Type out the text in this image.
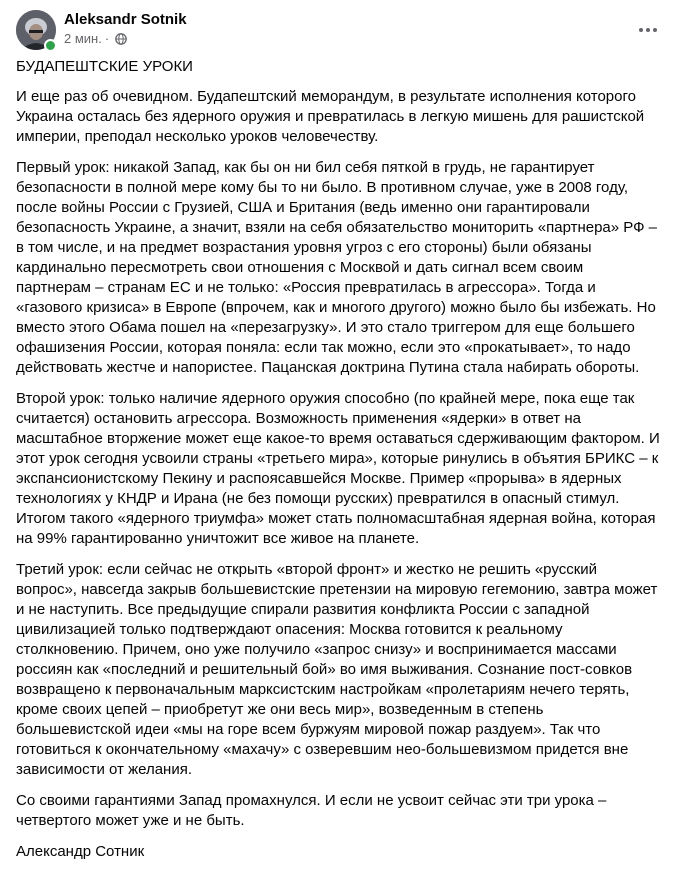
Aleksandr Sotnik
2 мин. ·

БУДАПЕШТСКИЕ УРОКИ

И еще раз об очевидном. Будапештский меморандум, в результате исполнения которого Украина осталась без ядерного оружия и превратилась в легкую мишень для рашистской империи, преподал несколько уроков человечеству.

Первый урок: никакой Запад, как бы он ни бил себя пяткой в грудь, не гарантирует безопасности в полной мере кому бы то ни было. В противном случае, уже в 2008 году, после войны России с Грузией, США и Британия (ведь именно они гарантировали безопасность Украине, а значит, взяли на себя обязательство мониторить «партнера» РФ – в том числе, и на предмет возрастания уровня угроз с его стороны) были обязаны кардинально пересмотреть свои отношения с Москвой и дать сигнал всем своим партнерам – странам ЕС и не только: «Россия превратилась в агрессора». Тогда и «газового кризиса» в Европе (впрочем, как и многого другого) можно было бы избежать. Но вместо этого Обама пошел на «перезагрузку». И это стало триггером для еще большего офашизения России, которая поняла: если так можно, если это «прокатывает», то надо действовать жестче и напористее. Пацанская доктрина Путина стала набирать обороты.

Второй урок: только наличие ядерного оружия способно (по крайней мере, пока еще так считается) остановить агрессора. Возможность применения «ядерки» в ответ на масштабное вторжение может еще какое-то время оставаться сдерживающим фактором. И этот урок сегодня усвоили страны «третьего мира», которые ринулись в объятия БРИКС – к экспансионистскому Пекину и распоясавшейся Москве. Пример «прорыва» в ядерных технологиях у КНДР и Ирана (не без помощи русских) превратился в опасный стимул. Итогом такого «ядерного триумфа» может стать полномасштабная ядерная война, которая на 99% гарантированно уничтожит все живое на планете.

Третий урок: если сейчас не открыть «второй фронт» и жестко не решить «русский вопрос», навсегда закрыв большевистские претензии на мировую гегемонию, завтра может и не наступить. Все предыдущие спирали развития конфликта России с западной цивилизацией только подтверждают опасения: Москва готовится к реальному столкновению. Причем, оно уже получило «запрос снизу» и воспринимается массами россиян как «последний и решительный бой» во имя выживания. Сознание пост-совков возвращено к первоначальным марксистским настройкам «пролетариям нечего терять, кроме своих цепей – приобретут же они весь мир», возведенным в степень большевистской идеи «мы на горе всем буржуям мировой пожар раздуем». Так что готовиться к окончательному «махачу» с озверевшим нео-большевизмом придется вне зависимости от желания.

Со своими гарантиями Запад промахнулся. И если не усвоит сейчас эти три урока – четвертого может уже и не быть.

Александр Сотник
